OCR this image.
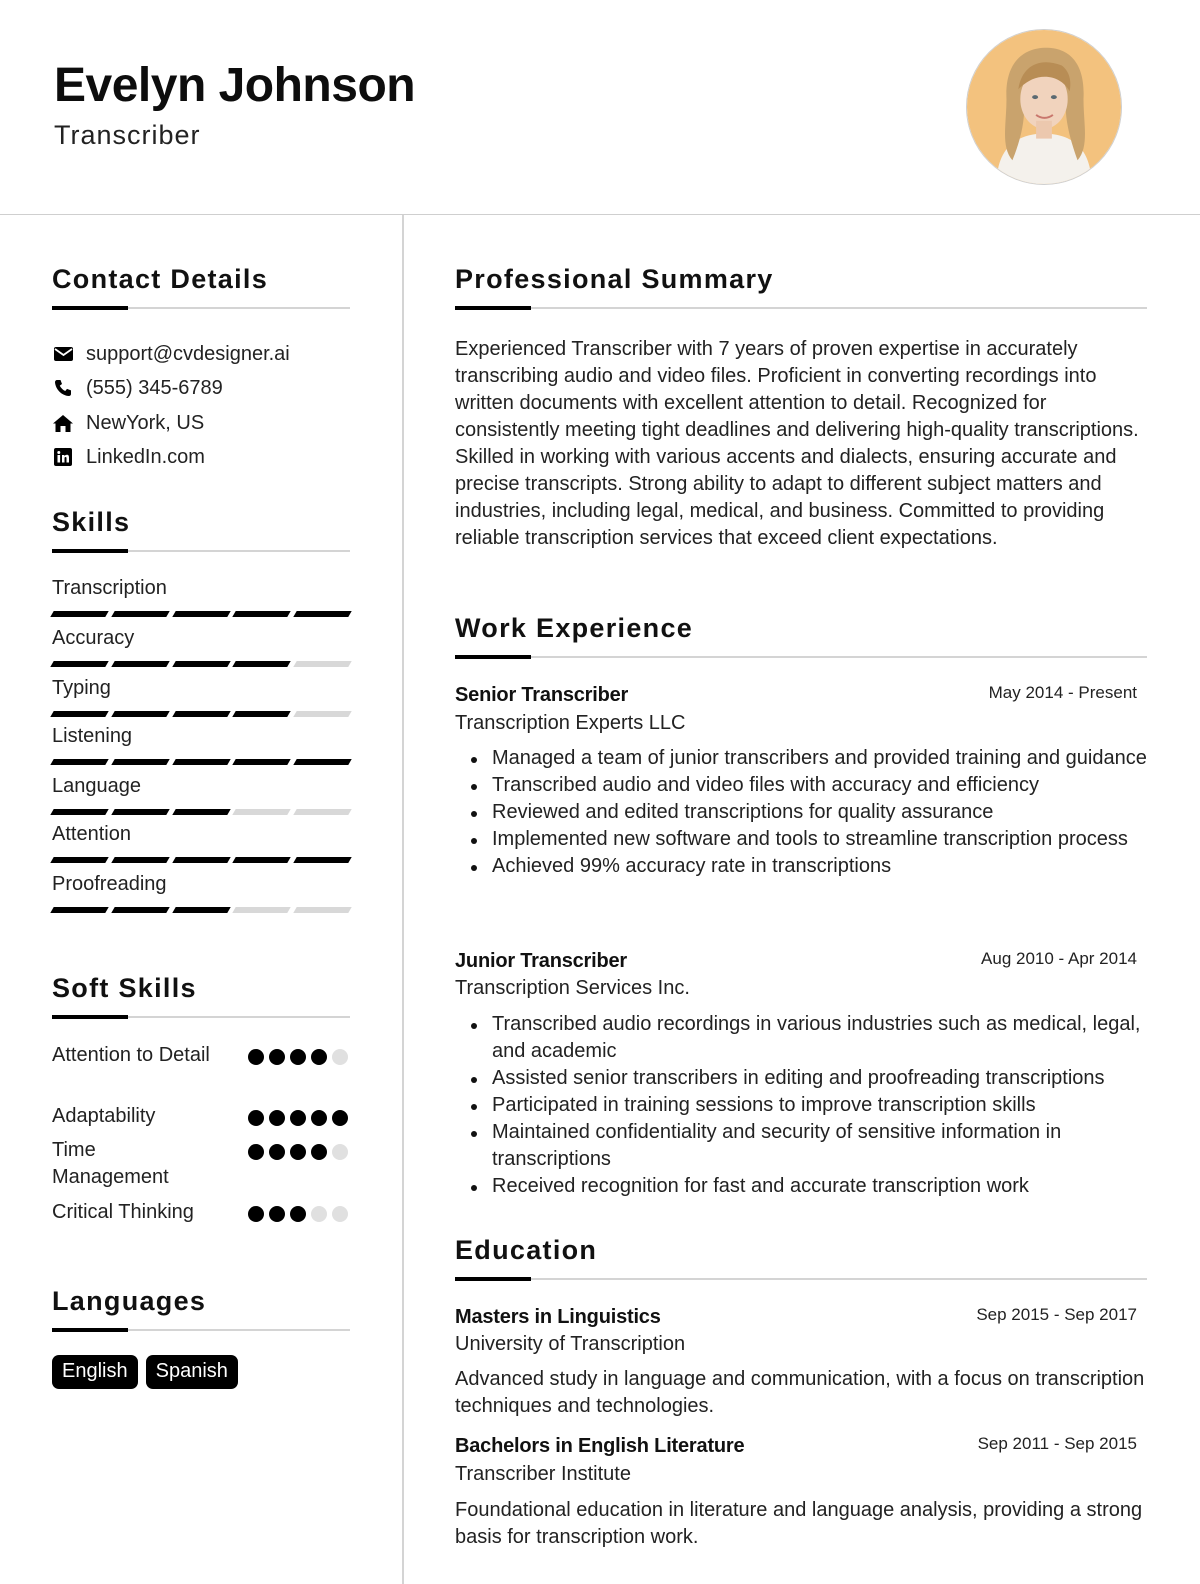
Evelyn Johnson
Transcriber
Contact Details
support@cvdesigner.ai
(555) 345-6789
NewYork, US
LinkedIn.com
Skills
Transcription
Accuracy
Typing
Listening
Language
Attention
Proofreading
Soft Skills
Attention to Detail
Adaptability
Time Management
Critical Thinking
Languages
English	Spanish
Professional Summary
Experienced Transcriber with 7 years of proven expertise in accurately transcribing audio and video files. Proficient in converting recordings into written documents with excellent attention to detail. Recognized for consistently meeting tight deadlines and delivering high-quality transcriptions. Skilled in working with various accents and dialects, ensuring accurate and precise transcripts. Strong ability to adapt to different subject matters and industries, including legal, medical, and business. Committed to providing reliable transcription services that exceed client expectations.
Work Experience
Senior Transcriber	May 2014 - Present
Transcription Experts LLC
Managed a team of junior transcribers and provided training and guidance
Transcribed audio and video files with accuracy and efficiency
Reviewed and edited transcriptions for quality assurance
Implemented new software and tools to streamline transcription process
Achieved 99% accuracy rate in transcriptions
Junior Transcriber	Aug 2010 - Apr 2014
Transcription Services Inc.
Transcribed audio recordings in various industries such as medical, legal, and academic
Assisted senior transcribers in editing and proofreading transcriptions
Participated in training sessions to improve transcription skills
Maintained confidentiality and security of sensitive information in transcriptions
Received recognition for fast and accurate transcription work
Education
Masters in Linguistics	Sep 2015 - Sep 2017
University of Transcription
Advanced study in language and communication, with a focus on transcription techniques and technologies.
Bachelors in English Literature	Sep 2011 - Sep 2015
Transcriber Institute
Foundational education in literature and language analysis, providing a strong basis for transcription work.
